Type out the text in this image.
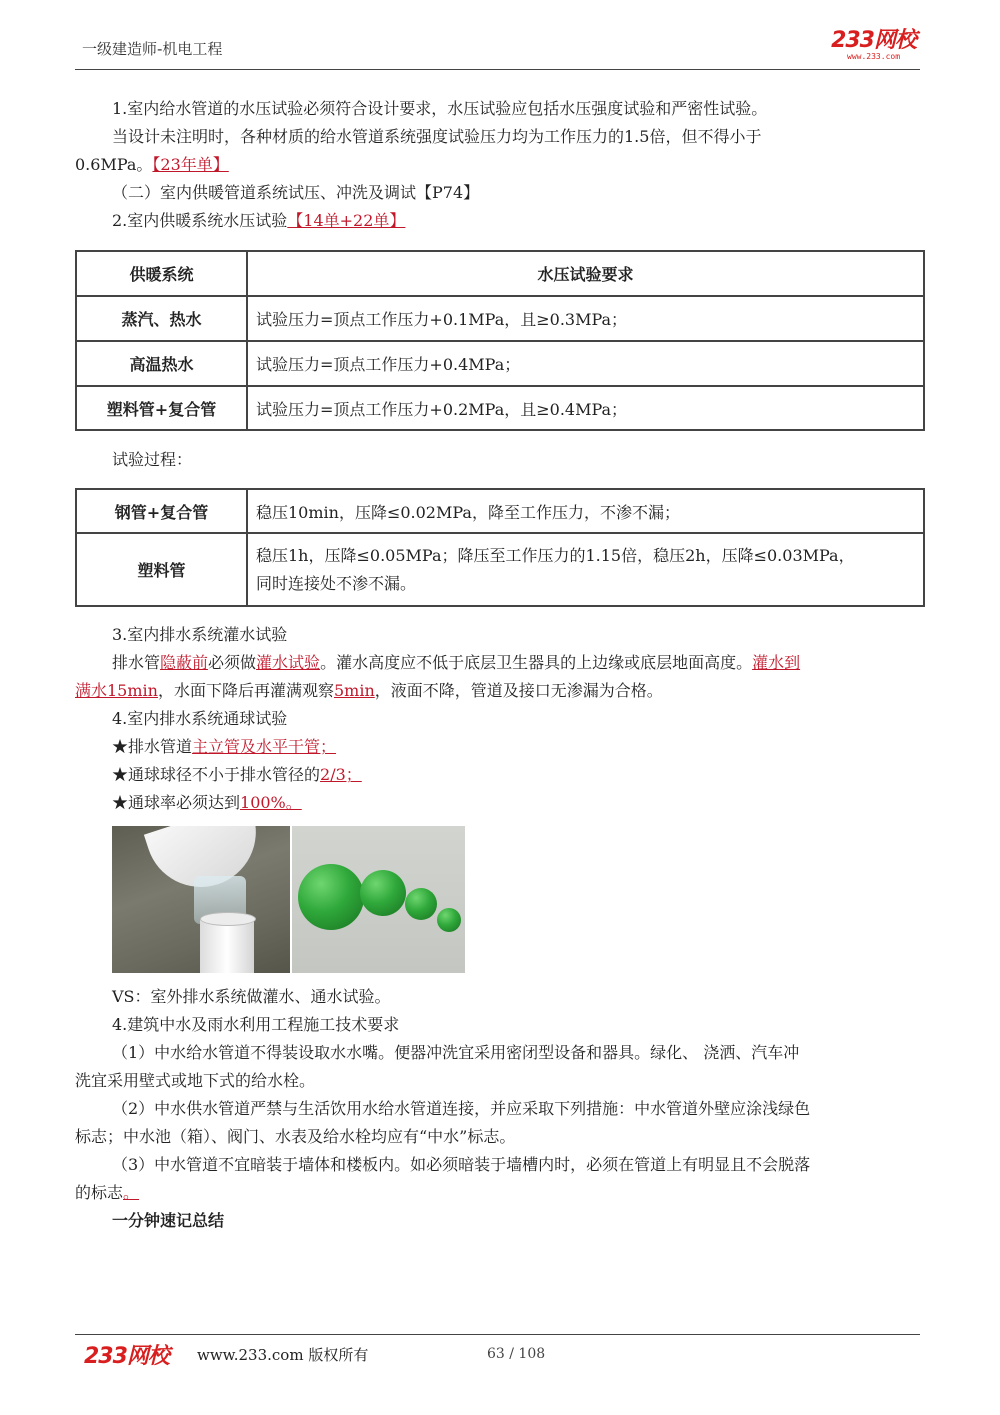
一级建造师-机电工程	233网校
www.233.com
1.室内给水管道的水压试验必须符合设计要求，水压试验应包括水压强度试验和严密性试验。
当设计未注明时，各种材质的给水管道系统强度试验压力均为工作压力的1.5倍，但不得小于
0.6MPa。【23年单】
（二）室内供暖管道系统试压、冲洗及调试【P74】
2.室内供暖系统水压试验【14单+22单】
供暖系统	水压试验要求
蒸汽、热水	试验压力=顶点工作压力+0.1MPa，且≥0.3MPa；
高温热水	试验压力=顶点工作压力+0.4MPa；
塑料管+复合管	试验压力=顶点工作压力+0.2MPa，且≥0.4MPa；
试验过程：
钢管+复合管	稳压10min，压降≤0.02MPa，降至工作压力，不渗不漏；
塑料管	稳压1h，压降≤0.05MPa；降压至工作压力的1.15倍，稳压2h，压降≤0.03MPa，
同时连接处不渗不漏。
3.室内排水系统灌水试验
排水管隐蔽前必须做灌水试验。灌水高度应不低于底层卫生器具的上边缘或底层地面高度。灌水到
满水15min，水面下降后再灌满观察5min，液面不降，管道及接口无渗漏为合格。
4.室内排水系统通球试验
★排水管道主立管及水平干管；
★通球球径不小于排水管径的2/3；
★通球率必须达到100%。
VS：室外排水系统做灌水、通水试验。
4.建筑中水及雨水利用工程施工技术要求
（1）中水给水管道不得装设取水水嘴。便器冲洗宜采用密闭型设备和器具。绿化、 浇洒、汽车冲
洗宜采用壁式或地下式的给水栓。
（2）中水供水管道严禁与生活饮用水给水管道连接，并应采取下列措施：中水管道外壁应涂浅绿色
标志；中水池（箱）、阀门、水表及给水栓均应有“中水”标志。
（3）中水管道不宜暗装于墙体和楼板内。如必须暗装于墙槽内时，必须在管道上有明显且不会脱落
的标志。
一分钟速记总结
233网校 www.233.com 版权所有	63 / 108
